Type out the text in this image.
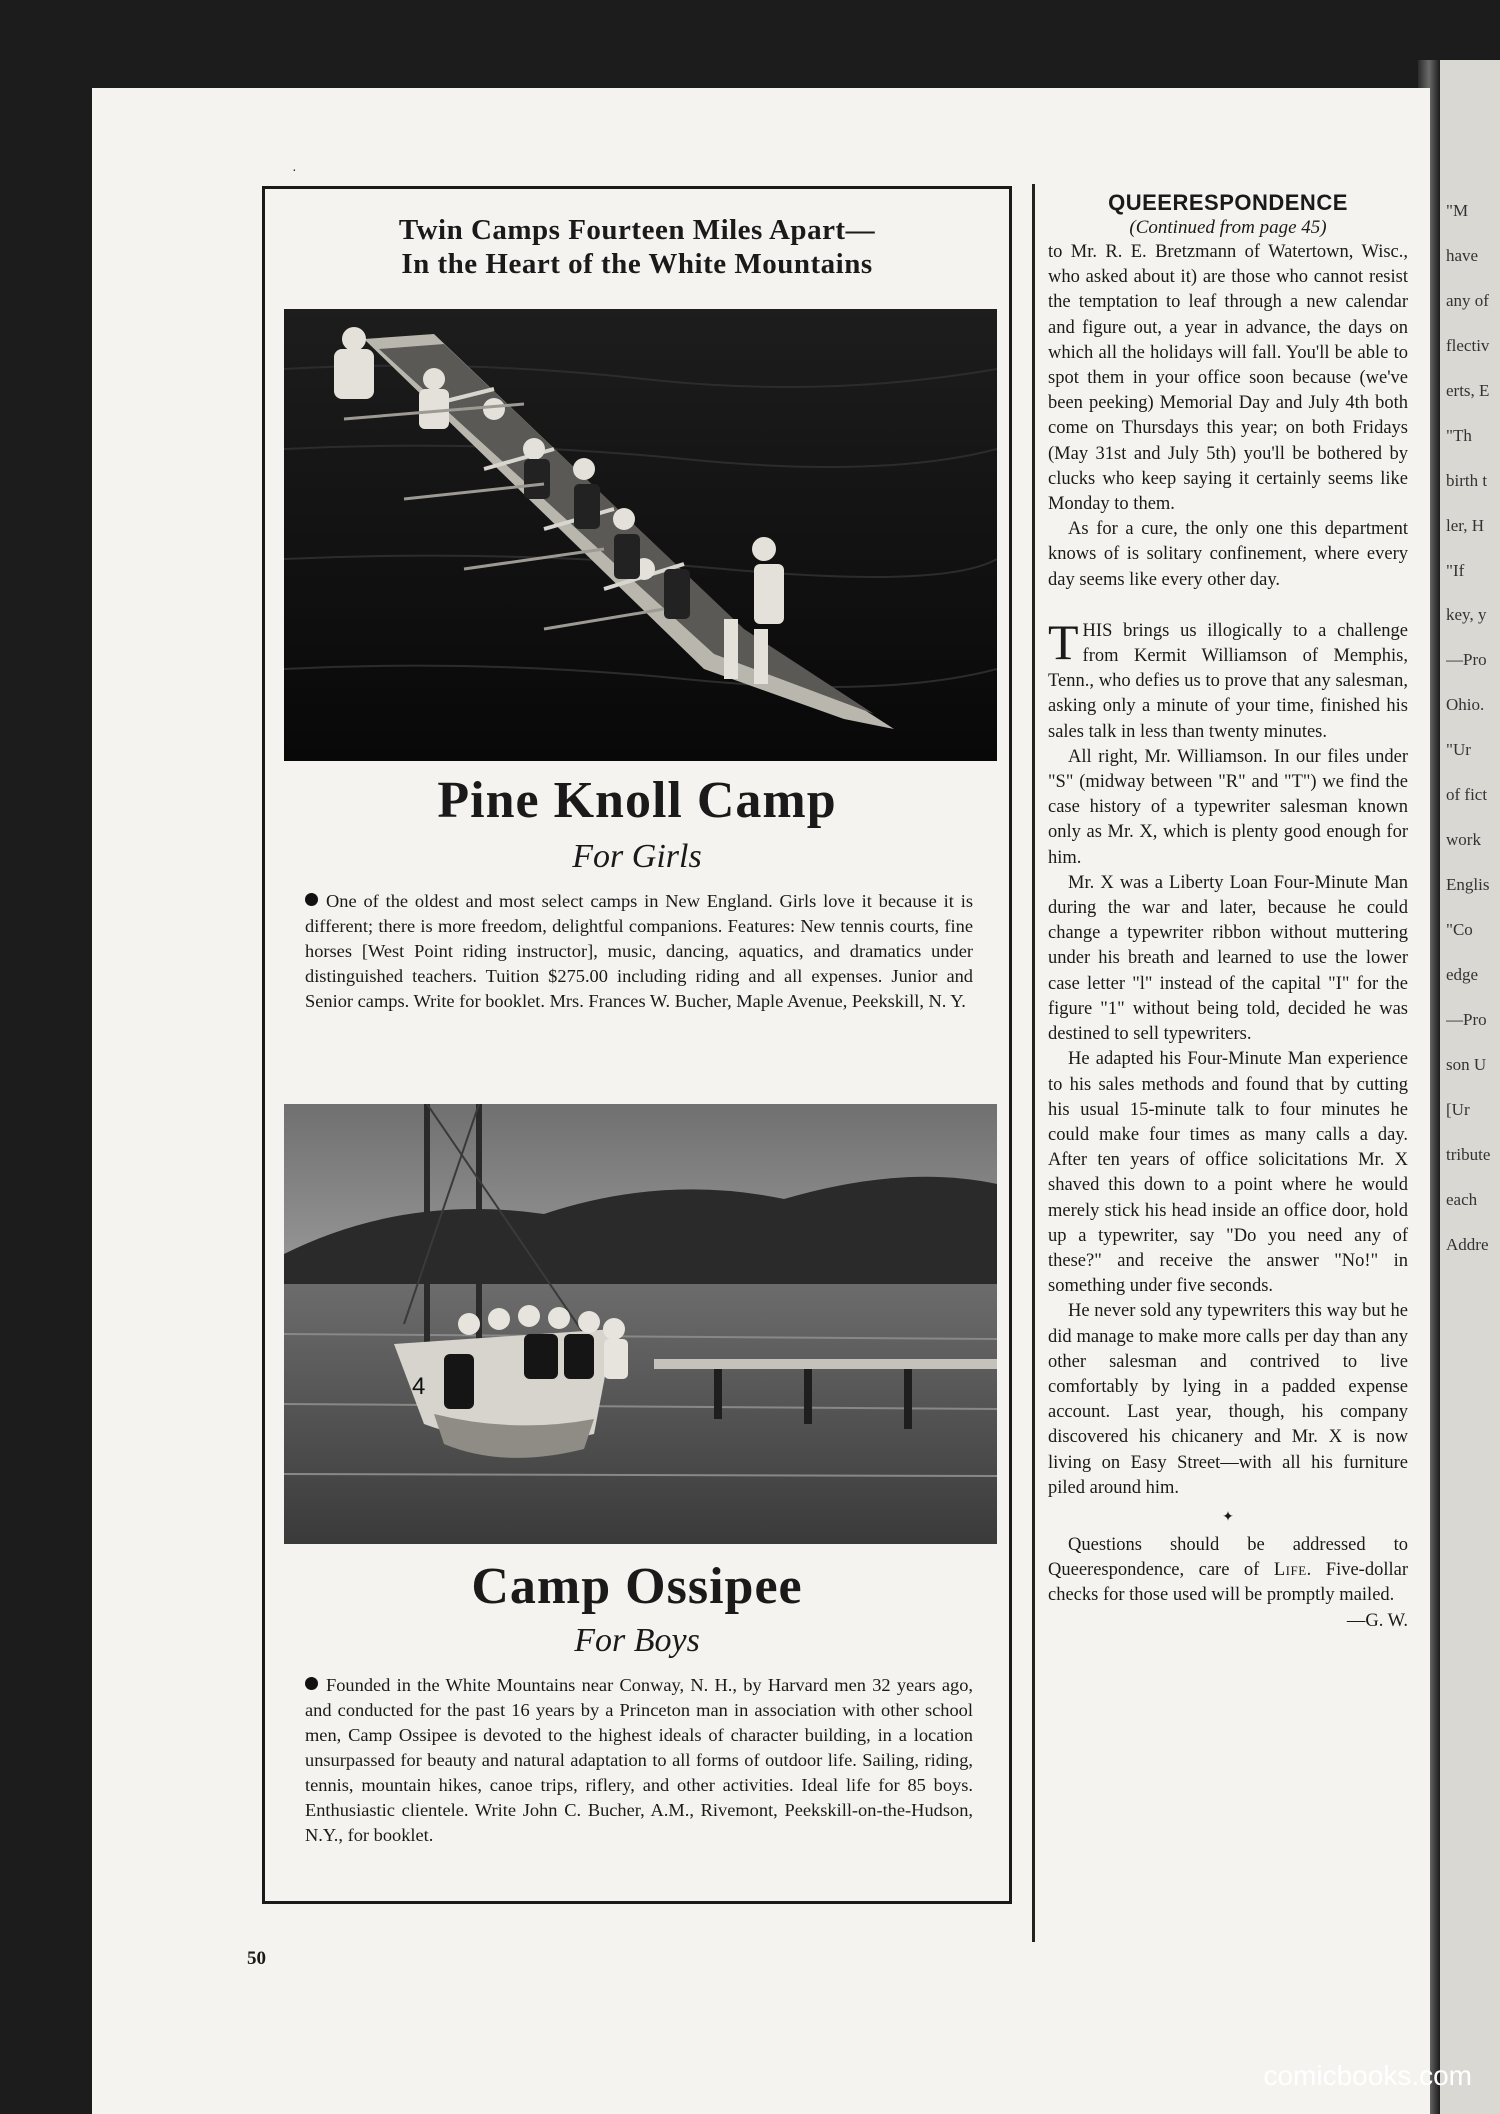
"M
have
any of
flectiv
erts, E
"Th
birth t
ler, H
"If
key, y
—Pro
Ohio.
"Ur
of fict
work
Englis
"Co
edge
—Pro
son U
[Ur
tribute
each
Addre
·
Twin Camps Fourteen Miles Apart—
In the Heart of the White Mountains
Pine Knoll Camp
For Girls
One of the oldest and most select camps in New England. Girls love it because it is different; there is more freedom, delightful companions. Features: New tennis courts, fine horses [West Point riding instructor], music, dancing, aquatics, and dramatics under distinguished teachers. Tuition $275.00 including riding and all expenses. Junior and Senior camps. Write for booklet. Mrs. Frances W. Bucher, Maple Avenue, Peekskill, N. Y.
4
Camp Ossipee
For Boys
Founded in the White Mountains near Conway, N. H., by Harvard men 32 years ago, and conducted for the past 16 years by a Princeton man in association with other school men, Camp Ossipee is devoted to the highest ideals of character building, in a location unsurpassed for beauty and natural adaptation to all forms of outdoor life. Sailing, riding, tennis, mountain hikes, canoe trips, riflery, and other activities. Ideal life for 85 boys. Enthusiastic clientele. Write John C. Bucher, A.M., Rivemont, Peekskill-on-the-Hudson, N.Y., for booklet.
QUEERESPONDENCE
(Continued from page 45)

to Mr. R. E. Bretzmann of Watertown, Wisc., who asked about it) are those who cannot resist the temptation to leaf through a new calendar and figure out, a year in advance, the days on which all the holidays will fall. You'll be able to spot them in your office soon because (we've been peeking) Memorial Day and July 4th both come on Thursdays this year; on both Fridays (May 31st and July 5th) you'll be bothered by clucks who keep saying it certainly seems like Monday to them.

As for a cure, the only one this department knows of is solitary confinement, where every day seems like every other day.

THIS brings us illogically to a challenge from Kermit Williamson of Memphis, Tenn., who defies us to prove that any salesman, asking only a minute of your time, finished his sales talk in less than twenty minutes.

All right, Mr. Williamson. In our files under "S" (midway between "R" and "T") we find the case history of a typewriter salesman known only as Mr. X, which is plenty good enough for him.

Mr. X was a Liberty Loan Four-Minute Man during the war and later, because he could change a typewriter ribbon without muttering under his breath and learned to use the lower case letter "l" instead of the capital "I" for the figure "1" without being told, decided he was destined to sell typewriters.

He adapted his Four-Minute Man experience to his sales methods and found that by cutting his usual 15-minute talk to four minutes he could make four times as many calls a day. After ten years of office solicitations Mr. X shaved this down to a point where he would merely stick his head inside an office door, hold up a typewriter, say "Do you need any of these?" and receive the answer "No!" in something under five seconds.

He never sold any typewriters this way but he did manage to make more calls per day than any other salesman and contrived to live comfortably by lying in a padded expense account. Last year, though, his company discovered his chicanery and Mr. X is now living on Easy Street—with all his furniture piled around him.

✦

Questions should be addressed to Queerespondence, care of Life. Five-dollar checks for those used will be promptly mailed.

—G. W.
50
comicbooks.com
